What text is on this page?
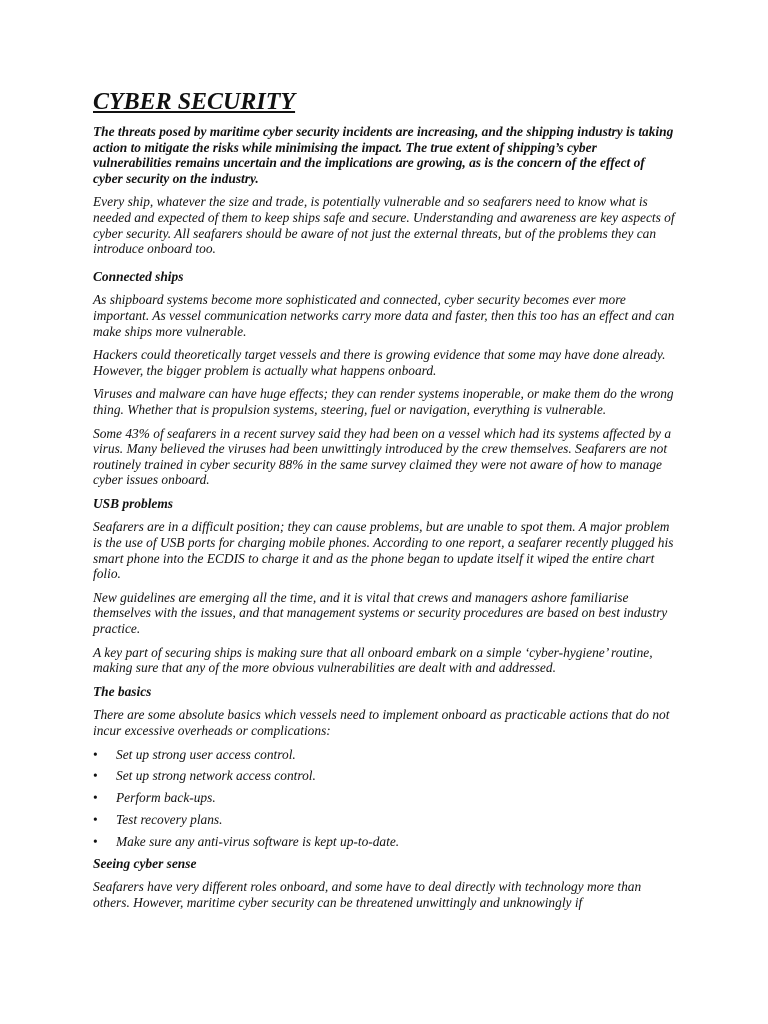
CYBER SECURITY

The threats posed by maritime cyber security incidents are increasing, and the shipping industry is taking action to mitigate the risks while minimising the impact. The true extent of shipping’s cyber vulnerabilities remains uncertain and the implications are growing, as is the concern of the effect of cyber security on the industry.

Every ship, whatever the size and trade, is potentially vulnerable and so seafarers need to know what is needed and expected of them to keep ships safe and secure. Understanding and awareness are key aspects of cyber security. All seafarers should be aware of not just the external threats, but of the problems they can introduce onboard too.

Connected ships

As shipboard systems become more sophisticated and connected, cyber security becomes ever more important. As vessel communication networks carry more data and faster, then this too has an effect and can make ships more vulnerable.

Hackers could theoretically target vessels and there is growing evidence that some may have done already. However, the bigger problem is actually what happens onboard.

Viruses and malware can have huge effects; they can render systems inoperable, or make them do the wrong thing. Whether that is propulsion systems, steering, fuel or navigation, everything is vulnerable.

Some 43% of seafarers in a recent survey said they had been on a vessel which had its systems affected by a virus. Many believed the viruses had been unwittingly introduced by the crew themselves. Seafarers are not routinely trained in cyber security 88% in the same survey claimed they were not aware of how to manage cyber issues onboard.

USB problems

Seafarers are in a difficult position; they can cause problems, but are unable to spot them. A major problem is the use of USB ports for charging mobile phones. According to one report, a seafarer recently plugged his smart phone into the ECDIS to charge it and as the phone began to update itself it wiped the entire chart folio.

New guidelines are emerging all the time, and it is vital that crews and managers ashore familiarise themselves with the issues, and that management systems or security procedures are based on best industry practice.

A key part of securing ships is making sure that all onboard embark on a simple ‘cyber-hygiene’ routine, making sure that any of the more obvious vulnerabilities are dealt with and addressed.

The basics

There are some absolute basics which vessels need to implement onboard as practicable actions that do not incur excessive overheads or complications:

• Set up strong user access control.
• Set up strong network access control.
• Perform back-ups.
• Test recovery plans.
• Make sure any anti-virus software is kept up-to-date.
Seeing cyber sense

Seafarers have very different roles onboard, and some have to deal directly with technology more than others. However, maritime cyber security can be threatened unwittingly and unknowingly if
